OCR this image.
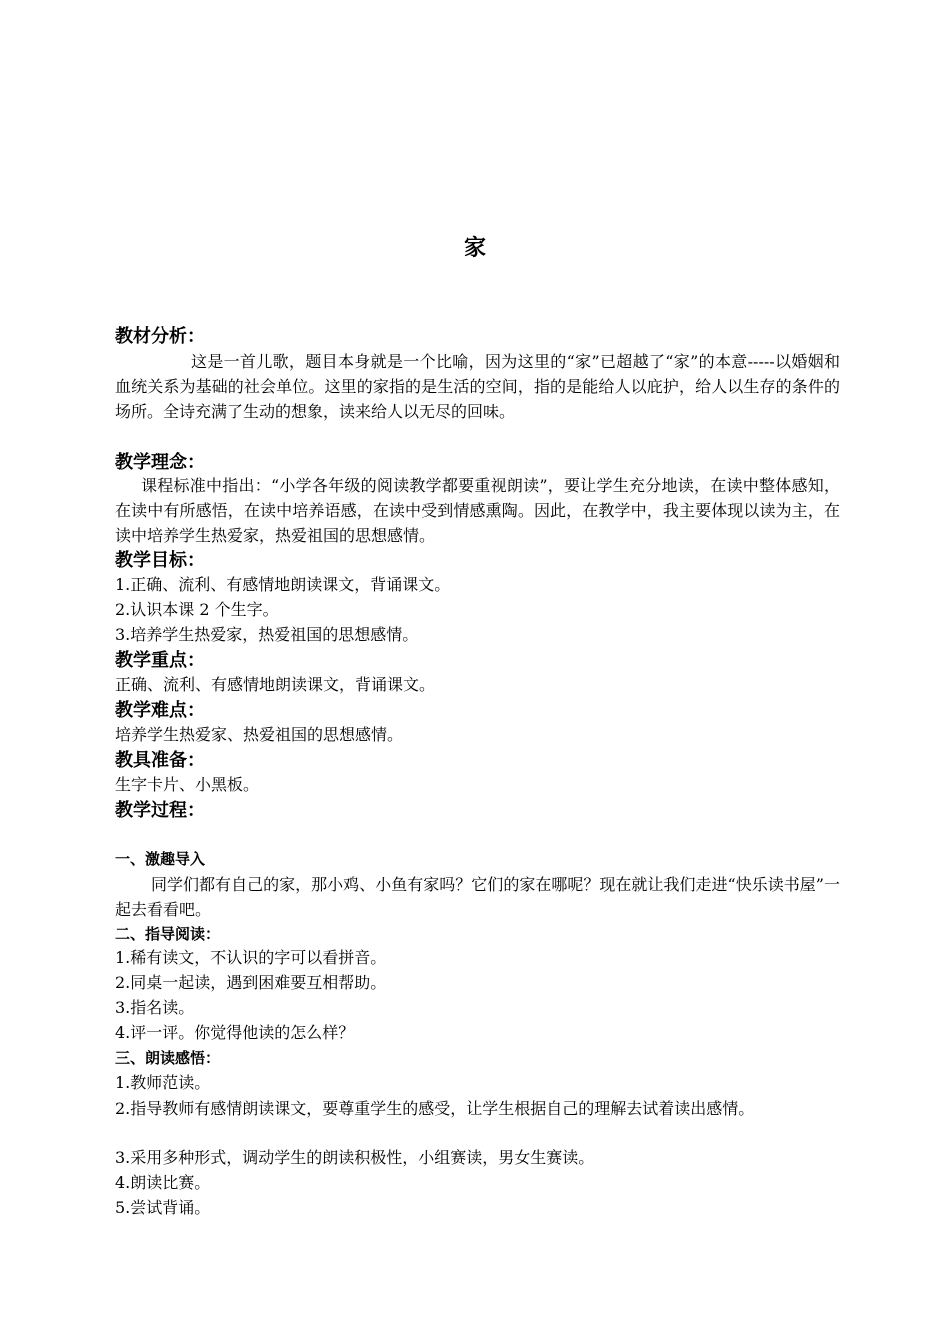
家
教材分析：
这是一首儿歌，题目本身就是一个比喻，因为这里的“家”已超越了“家”的本意-----以婚姻和血统关系为基础的社会单位。这里的家指的是生活的空间，指的是能给人以庇护，给人以生存的条件的场所。全诗充满了生动的想象，读来给人以无尽的回味。
教学理念：
课程标准中指出：“小学各年级的阅读教学都要重视朗读”，要让学生充分地读，在读中整体感知，在读中有所感悟，在读中培养语感，在读中受到情感熏陶。因此，在教学中，我主要体现以读为主，在读中培养学生热爱家，热爱祖国的思想感情。
教学目标：
1.正确、流利、有感情地朗读课文，背诵课文。
2.认识本课 2 个生字。
3.培养学生热爱家，热爱祖国的思想感情。
教学重点：
正确、流利、有感情地朗读课文，背诵课文。
教学难点：
培养学生热爱家、热爱祖国的思想感情。
教具准备：
生字卡片、小黑板。
教学过程：
一、激趣导入
同学们都有自己的家，那小鸡、小鱼有家吗？它们的家在哪呢？现在就让我们走进“快乐读书屋”一起去看看吧。
二、指导阅读：
1.稀有读文，不认识的字可以看拼音。
2.同桌一起读，遇到困难要互相帮助。
3.指名读。
4.评一评。你觉得他读的怎么样？
三、朗读感悟：
1.教师范读。
2.指导教师有感情朗读课文，要尊重学生的感受，让学生根据自己的理解去试着读出感情。
3.采用多种形式，调动学生的朗读积极性，小组赛读，男女生赛读。
4.朗读比赛。
5.尝试背诵。
